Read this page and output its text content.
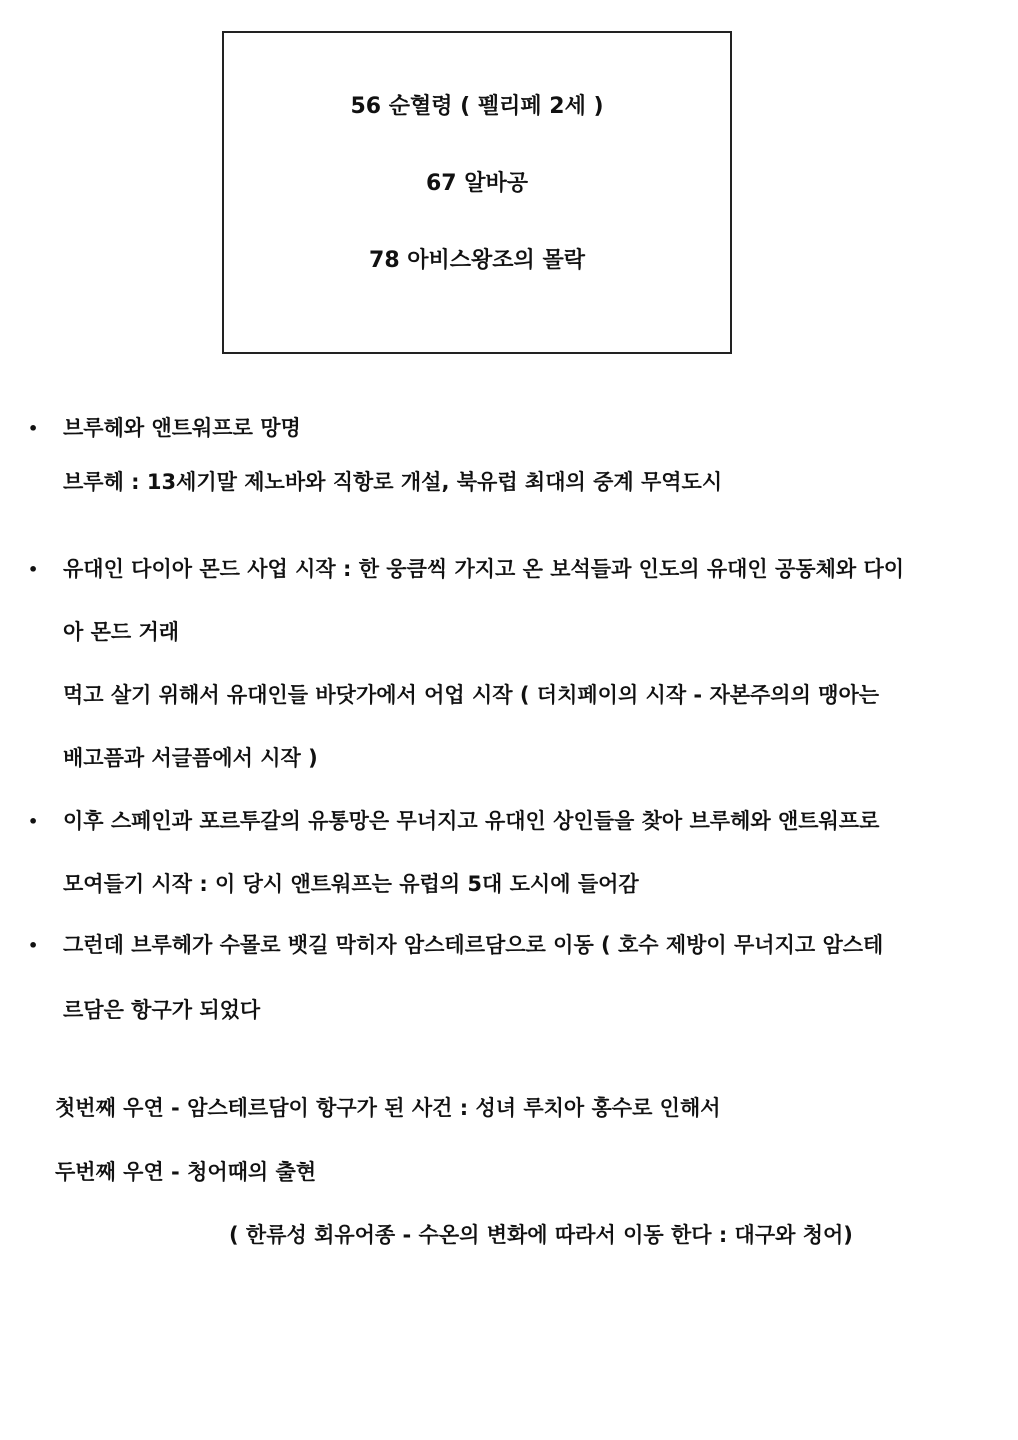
56 순혈령 ( 펠리페 2세 )
67 알바공
78 아비스왕조의 몰락
• 브루헤와 앤트워프로 망명
브루헤 : 13세기말 제노바와 직항로 개설, 북유럽 최대의 중계 무역도시
• 유대인 다이아 몬드 사업 시작 : 한 웅큼씩 가지고 온 보석들과 인도의 유대인 공동체와 다이
아 몬드 거래
먹고 살기 위해서 유대인들 바닷가에서 어업 시작 ( 더치페이의 시작 - 자본주의의 맹아는
배고픔과 서글픔에서 시작 )
• 이후 스페인과 포르투갈의 유통망은 무너지고 유대인 상인들을 찾아 브루헤와 앤트워프로
모여들기 시작 : 이 당시 앤트워프는 유럽의 5대 도시에 들어감
• 그런데 브루헤가 수몰로 뱃길 막히자 암스테르담으로 이동 ( 호수 제방이 무너지고 암스테
르담은 항구가 되었다
첫번째 우연 - 암스테르담이 항구가 된 사건 : 성녀 루치아 홍수로 인해서
두번째 우연 - 청어때의 출현
( 한류성 회유어종 - 수온의 변화에 따라서 이동 한다 : 대구와 청어)
